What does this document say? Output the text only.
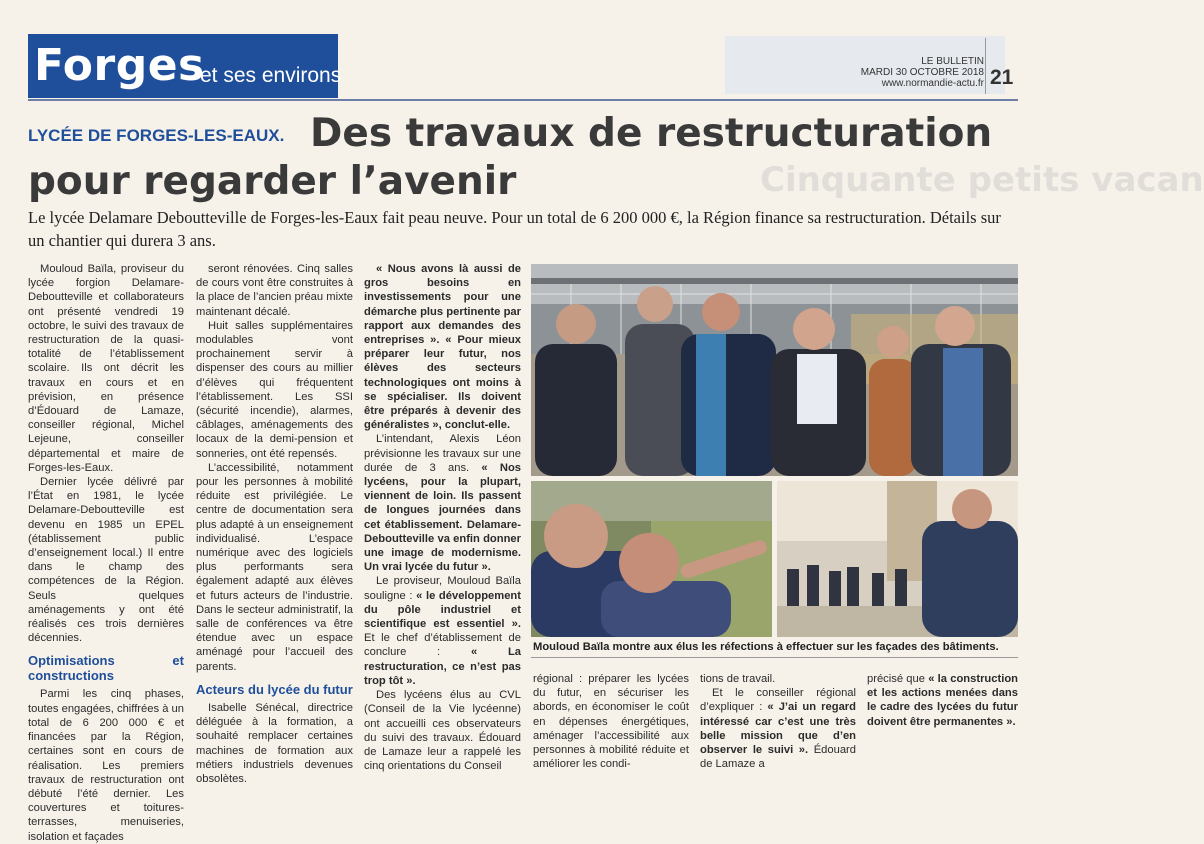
Forges
et ses environs
LE BULLETIN
MARDI 30 OCTOBRE 2018
www.normandie-actu.fr 21
Cinquante petits vacan
LYCÉE DE FORGES-LES-EAUX. Des travaux de restructuration pour regarder l’avenir
Le lycée Delamare Deboutteville de Forges-les-Eaux fait peau neuve. Pour un total de 6 200 000 €, la Région finance sa restructuration. Détails sur un chantier qui durera 3 ans.

Mouloud Baïla, proviseur du lycée forgion Delamare-Deboutteville et collaborateurs ont présenté vendredi 19 octobre, le suivi des travaux de restructuration de la quasi-totalité de l’établissement scolaire. Ils ont décrit les travaux en cours et en prévision, en présence d’Édouard de Lamaze, conseiller régional, Michel Lejeune, conseiller départemental et maire de Forges-les-Eaux.

Dernier lycée délivré par l’État en 1981, le lycée Delamare-Deboutteville est devenu en 1985 un EPEL (établissement public d’enseignement local.) Il entre dans le champ des compétences de la Région. Seuls quelques aménagements y ont été réalisés ces trois dernières décennies.

Optimisations et constructions

Parmi les cinq phases, toutes engagées, chiffrées à un total de 6 200 000 € et financées par la Région, certaines sont en cours de réalisation. Les premiers travaux de restructuration ont débuté l’été dernier. Les couvertures et toitures-terrasses, menuiseries, isolation et façades

seront rénovées. Cinq salles de cours vont être construites à la place de l’ancien préau mixte maintenant décalé.

Huit salles supplémentaires modulables vont prochainement servir à dispenser des cours au millier d’élèves qui fréquentent l’établissement. Les SSI (sécurité incendie), alarmes, câblages, aménagements des locaux de la demi-pension et sonneries, ont été repensés.

L’accessibilité, notamment pour les personnes à mobilité réduite est privilégiée. Le centre de documentation sera plus adapté à un enseignement individualisé. L’espace numérique avec des logiciels plus performants sera également adapté aux élèves et futurs acteurs de l’industrie. Dans le secteur administratif, la salle de conférences va être étendue avec un espace aménagé pour l’accueil des parents.

Acteurs du lycée du futur

Isabelle Sénécal, directrice déléguée à la formation, a souhaité remplacer certaines machines de formation aux métiers industriels devenues obsolètes.

« Nous avons là aussi de gros besoins en investissements pour une démarche plus pertinente par rapport aux demandes des entreprises ». « Pour mieux préparer leur futur, nos élèves des secteurs technologiques ont moins à se spécialiser. Ils doivent être préparés à devenir des généralistes », conclut-elle.

L’intendant, Alexis Léon prévisionne les travaux sur une durée de 3 ans. « Nos lycéens, pour la plupart, viennent de loin. Ils passent de longues journées dans cet établissement. Delamare-Deboutteville va enfin donner une image de modernisme. Un vrai lycée du futur ».

Le proviseur, Mouloud Baïla souligne : « le développement du pôle industriel et scientifique est essentiel ». Et le chef d’établissement de conclure :	« La restructuration, ce n’est pas trop tôt ».

Des lycéens élus au CVL (Conseil de la Vie lycéenne) ont accueilli ces observateurs du suivi des travaux. Édouard de Lamaze leur a rappelé les cinq orientations du Conseil

Mouloud Baïla montre aux élus les réfections à effectuer sur les façades des bâtiments.

régional : préparer les lycées du futur, en sécuriser les abords, en économiser le coût en dépenses énergétiques, aménager l’accessibilité aux personnes à mobilité réduite et améliorer les condi-

tions de travail.

Et le conseiller régional d’expliquer : « J’ai un regard intéressé car c’est une très belle mission que d’en observer le suivi ». Édouard de Lamaze a

précisé que « la construction et les actions menées dans le cadre des lycées du futur doivent être permanentes ».
